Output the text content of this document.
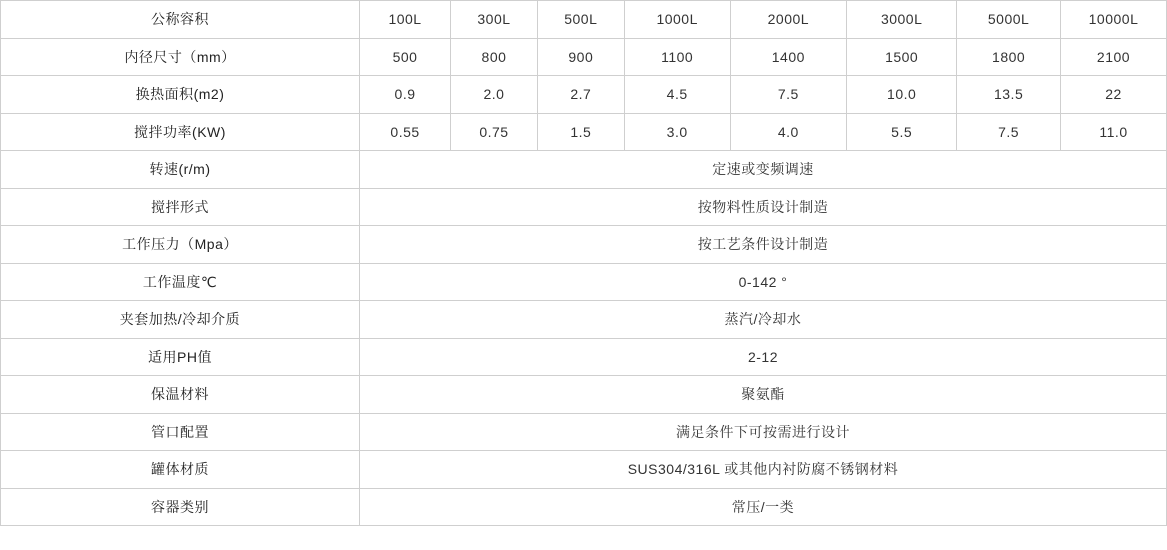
公称容积	100L	300L	500L	1000L	2000L	3000L	5000L	10000L
内径尺寸（mm）	500	800	900	1100	1400	1500	1800	2100
换热面积(m2)	0.9	2.0	2.7	4.5	7.5	10.0	13.5	22
搅拌功率(KW)	0.55	0.75	1.5	3.0	4.0	5.5	7.5	11.0
转速(r/m)	定速或变频调速							
搅拌形式	按物料性质设计制造							
工作压力（Mpa）	按工艺条件设计制造							
工作温度℃	0-142 °							
夹套加热/冷却介质	蒸汽/冷却水							
适用PH值	2-12							
保温材料	聚氨酯							
管口配置	满足条件下可按需进行设计							
罐体材质	SUS304/316L 或其他内衬防腐不锈钢材料							
容器类别	常压/一类							
